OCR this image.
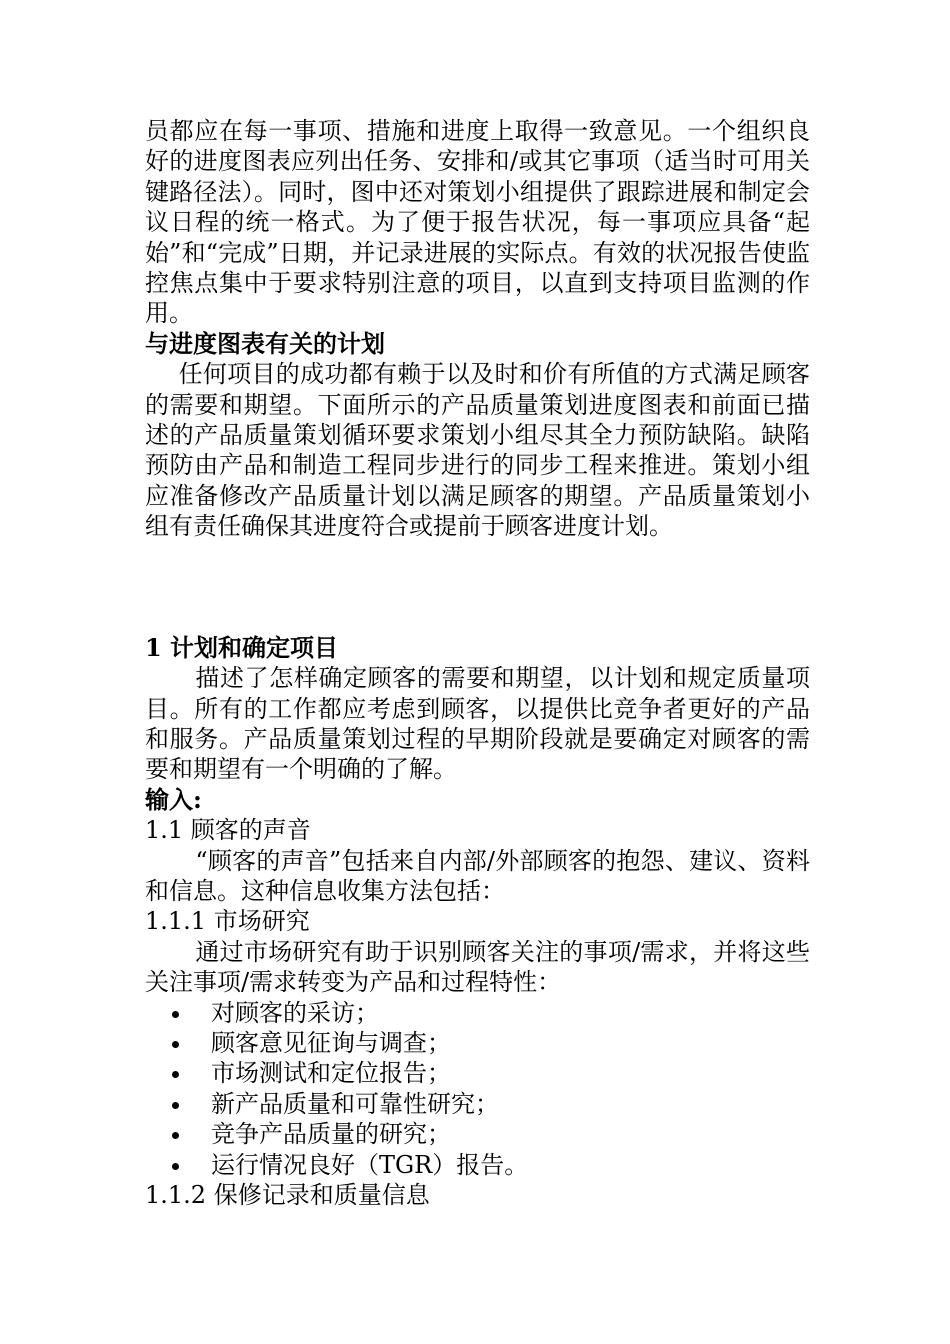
员都应在每一事项、措施和进度上取得一致意见。一个组织良好的进度图表应列出任务、安排和/或其它事项（适当时可用关键路径法）。同时，图中还对策划小组提供了跟踪进展和制定会议日程的统一格式。为了便于报告状况，每一事项应具备“起始”和“完成”日期，并记录进展的实际点。有效的状况报告使监控焦点集中于要求特别注意的项目，以直到支持项目监测的作用。

与进度图表有关的计划

任何项目的成功都有赖于以及时和价有所值的方式满足顾客的需要和期望。下面所示的产品质量策划进度图表和前面已描述的产品质量策划循环要求策划小组尽其全力预防缺陷。缺陷预防由产品和制造工程同步进行的同步工程来推进。策划小组应准备修改产品质量计划以满足顾客的期望。产品质量策划小组有责任确保其进度符合或提前于顾客进度计划。

1 计划和确定项目

描述了怎样确定顾客的需要和期望，以计划和规定质量项目。所有的工作都应考虑到顾客，以提供比竞争者更好的产品和服务。产品质量策划过程的早期阶段就是要确定对顾客的需要和期望有一个明确的了解。

输入:
1.1 顾客的声音

“顾客的声音”包括来自内部/外部顾客的抱怨、建议、资料和信息。这种信息收集方法包括：

1.1.1 市场研究

通过市场研究有助于识别顾客关注的事项/需求，并将这些关注事项/需求转变为产品和过程特性：

对顾客的采访；
顾客意见征询与调查；
市场测试和定位报告；
新产品质量和可靠性研究；
竞争产品质量的研究；
运行情况良好（TGR）报告。
1.1.2 保修记录和质量信息
